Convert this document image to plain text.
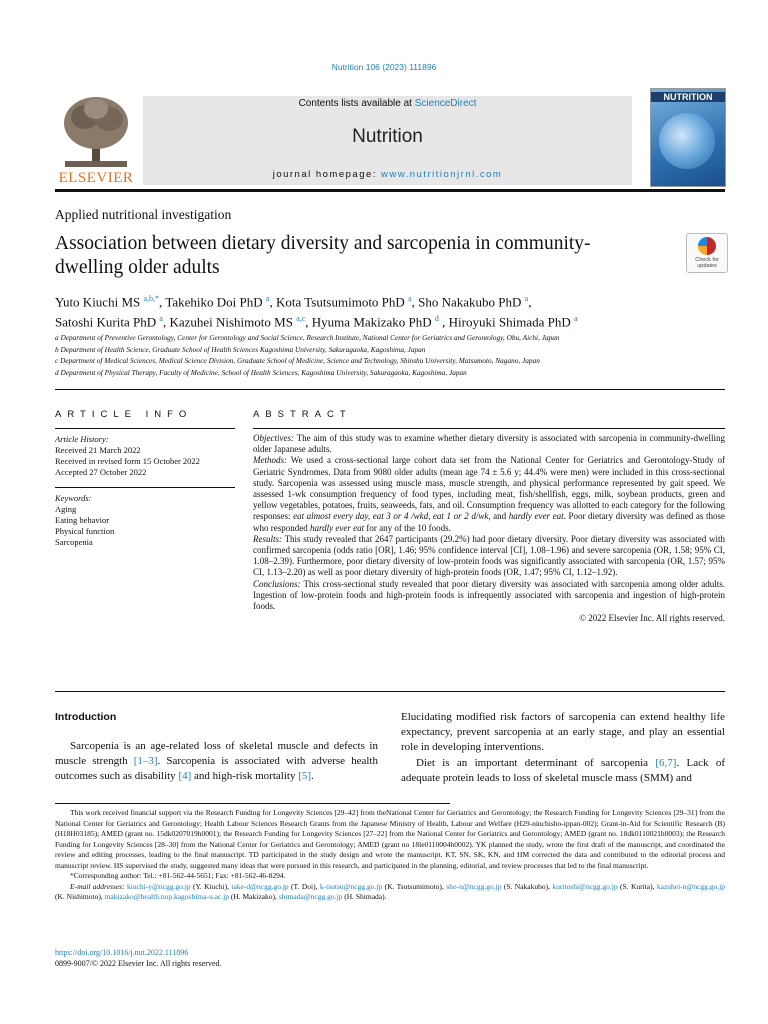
Nutrition 106 (2023) 111896
ELSEVIER
Contents lists available at ScienceDirect
Nutrition
journal homepage: www.nutritionjrnl.com
NUTRITION
Applied nutritional investigation
Association between dietary diversity and sarcopenia in community-dwelling older adults	Check for updates
Yuto Kiuchi MS $^{a,b,*}$, Takehiko Doi PhD $^a$, Kota Tsutsumimoto PhD $^a$, Sho Nakakubo PhD $^a$,
Satoshi Kurita PhD $^a$, Kazuhei Nishimoto MS $^{a,c}$, Hyuma Makizako PhD $^d$ , Hiroyuki Shimada PhD $^a$
a Department of Preventive Gerontology, Center for Gerontology and Social Science, Research Institute, National Center for Geriatrics and Gerontology, Obu, Aichi, Japan
b Department of Health Science, Graduate School of Health Sciences Kagoshima University, Sakuragaoka, Kagoshima, Japan
c Department of Medical Sciences, Medical Science Division, Graduate School of Medicine, Science and Technology, Shinshu University, Matsumoto, Nagano, Japan
d Department of Physical Therapy, Faculty of Medicine, School of Health Sciences, Kagoshima University, Sakuragaoka, Kagoshima, Japan
ARTICLE INFO	ABSTRACT
Article History:
Received 21 March 2022
Received in revised form 15 October 2022
Accepted 27 October 2022
Keywords:
Aging
Eating behavior
Physical function
Sarcopenia

Objectives: The aim of this study was to examine whether dietary diversity is associated with sarcopenia in community-dwelling older Japanese adults.

Methods: We used a cross-sectional large cohort data set from the National Center for Geriatrics and Gerontology-Study of Geriatric Syndromes. Data from 9080 older adults (mean age 74 ± 5.6 y; 44.4% were men) were included in this cross-sectional study. Sarcopenia was assessed using muscle mass, muscle strength, and physical performance represented by gait speed. We assessed 1-wk consumption frequency of food types, including meat, fish/shellfish, eggs, milk, soybean products, green and yellow vegetables, potatoes, fruits, seaweeds, fats, and oil. Consumption frequency was allotted to each category for the following responses: eat almost every day, eat 3 or 4 /wkd, eat 1 or 2 d/wk, and hardly ever eat. Poor dietary diversity was defined as those who responded hardly ever eat for any of the 10 foods.

Results: This study revealed that 2647 participants (29.2%) had poor dietary diversity. Poor dietary diversity was associated with confirmed sarcopenia (odds ratio [OR], 1.46; 95% confidence interval [CI], 1.08–1.96) and severe sarcopenia (OR, 1.58; 95% CI, 1.08–2.39). Furthermore, poor dietary diversity of low-protein foods was significantly associated with sarcopenia (OR, 1.57; 95% CI, 1.13–2.20) as well as poor dietary diversity of high-protein foods (OR, 1.47; 95% CI, 1.12–1.92).

Conclusions: This cross-sectional study revealed that poor dietary diversity was associated with sarcopenia among older adults. Ingestion of low-protein foods and high-protein foods is infrequently associated with sarcopenia and ingestion of high-protein foods.

© 2022 Elsevier Inc. All rights reserved.

Introduction

Sarcopenia is an age-related loss of skeletal muscle and defects in muscle strength [1–3]. Sarcopenia is associated with adverse health outcomes such as disability [4] and high-risk mortality [5].

Elucidating modified risk factors of sarcopenia can extend healthy life expectancy, prevent sarcopenia at an early stage, and play an essential role in developing interventions.

Diet is an important determinant of sarcopenia [6,7]. Lack of adequate protein leads to loss of skeletal muscle mass (SMM) and

This work received financial support via the Research Funding for Longevity Sciences [29–42] from theNational Center for Geriatrics and Gerontology; the Research Funding for Longevity Sciences [29–31] from the National Center for Geriatrics and Gerontology; Health Labour Sciences Research Grants from the Japanese Ministry of Health, Labour and Welfare (H29-ninchisho-ippan-002); Grant-in-Aid for Scientific Research (B) (H18H03185); AMED (grant no. 15dk0207019h0001); the Research Funding for Longevity Sciences [27–22] from the National Center for Geriatrics and Gerontology; AMED (grant no. 18dk0110021h0003); the Research Funding for Longevity Sciences [28–30] from the National Center for Geriatrics and Gerontology; AMED (grant no 18le0110004h0002). YK planned the study, wrote the first draft of the manuscript, and coordinated the review and editing processes, leading to the final manuscript. TD participated in the study design and wrote the manuscript. KT, SN, SK, KN, and HM corrected the data and contributed to the editorial process and manuscript review. HS supervised the study, suggested many ideas that were pursued in this research, and participated in the planning, editorial, and review processes that led to the final manuscript.

*Corresponding author: Tel.: +81-562-44-5651; Fax: +81-562-46-8294.

E-mail addresses: kiuchi-y@ncgg.go.jp (Y. Kiuchi), take-d@ncgg.go.jp (T. Doi), k-tsutsu@ncgg.go.jp (K. Tsutsumimoto), sho-n@ncgg.go.jp (S. Nakakubo), kuritoshi@ncgg.go.jp (S. Kurita), kazuhei-n@ncgg.go.jp (K. Nishimoto), makizako@health.nop.kagoshima-u.ac.jp (H. Makizako), shimada@ncgg.go.jp (H. Shimada).

https://doi.org/10.1016/j.nut.2022.111896
0899-9007/© 2022 Elsevier Inc. All rights reserved.
